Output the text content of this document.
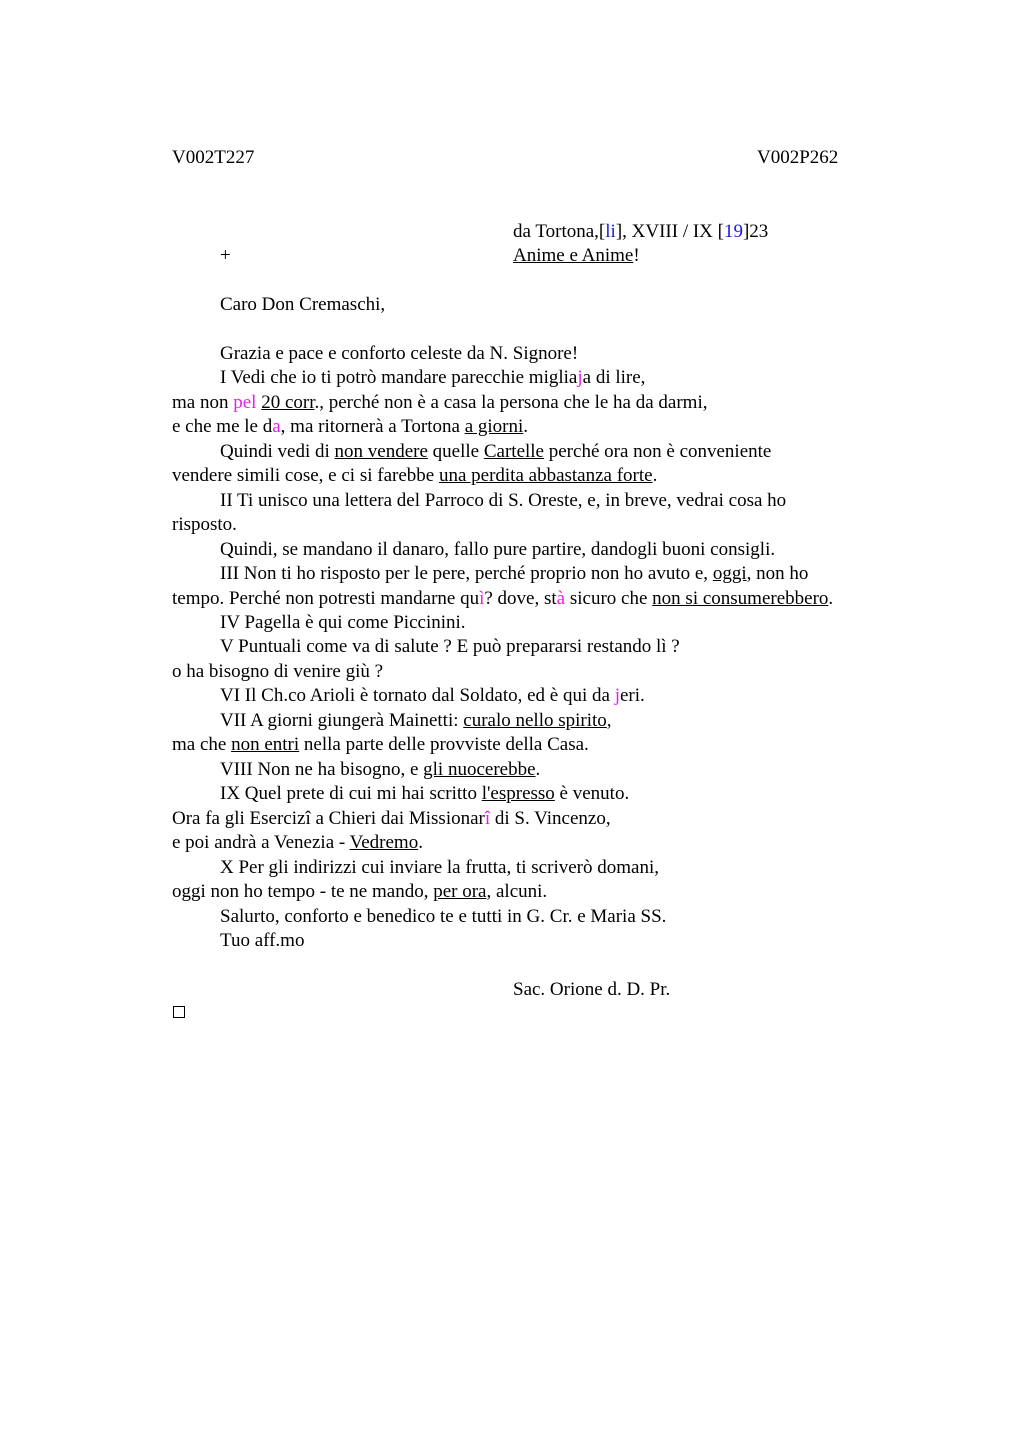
V002T227	V002P262
da Tortona,[li], XVIII / IX [19]23
+	Anime e Anime!
Caro Don Cremaschi,
Grazia e pace e conforto celeste da N. Signore!
I Vedi che io ti potrò mandare parecchie migliaja di lire,
ma non pel 20 corr., perché non è a casa la persona che le ha da darmi,
e che me le da, ma ritornerà a Tortona a giorni.
Quindi vedi di non vendere quelle Cartelle perché ora non è conveniente
vendere simili cose, e ci si farebbe una perdita abbastanza forte.
II Ti unisco una lettera del Parroco di S. Oreste, e, in breve, vedrai cosa ho
risposto.
Quindi, se mandano il danaro, fallo pure partire, dandogli buoni consigli.
III Non ti ho risposto per le pere, perché proprio non ho avuto e, oggi, non ho
tempo. Perché non potresti mandarne quì? dove, stà sicuro che non si consumerebbero.
IV Pagella è qui come Piccinini.
V Puntuali come va di salute ? E può prepararsi restando lì ?
o ha bisogno di venire giù ?
VI Il Ch.co Arioli è tornato dal Soldato, ed è qui da jeri.
VII A giorni giungerà Mainetti: curalo nello spirito,
ma che non entri nella parte delle provviste della Casa.
VIII Non ne ha bisogno, e gli nuocerebbe.
IX Quel prete di cui mi hai scritto l'espresso è venuto.
Ora fa gli Esercizi a Chieri dai Missionarî di S. Vincenzo,
e poi andrà a Venezia - Vedremo.
X Per gli indirizzi cui inviare la frutta, ti scriverò domani,
oggi non ho tempo - te ne mando, per ora, alcuni.
Salurto, conforto e benedico te e tutti in G. Cr. e Maria SS.
Tuo aff.mo
Sac. Orione d. D. Pr.
